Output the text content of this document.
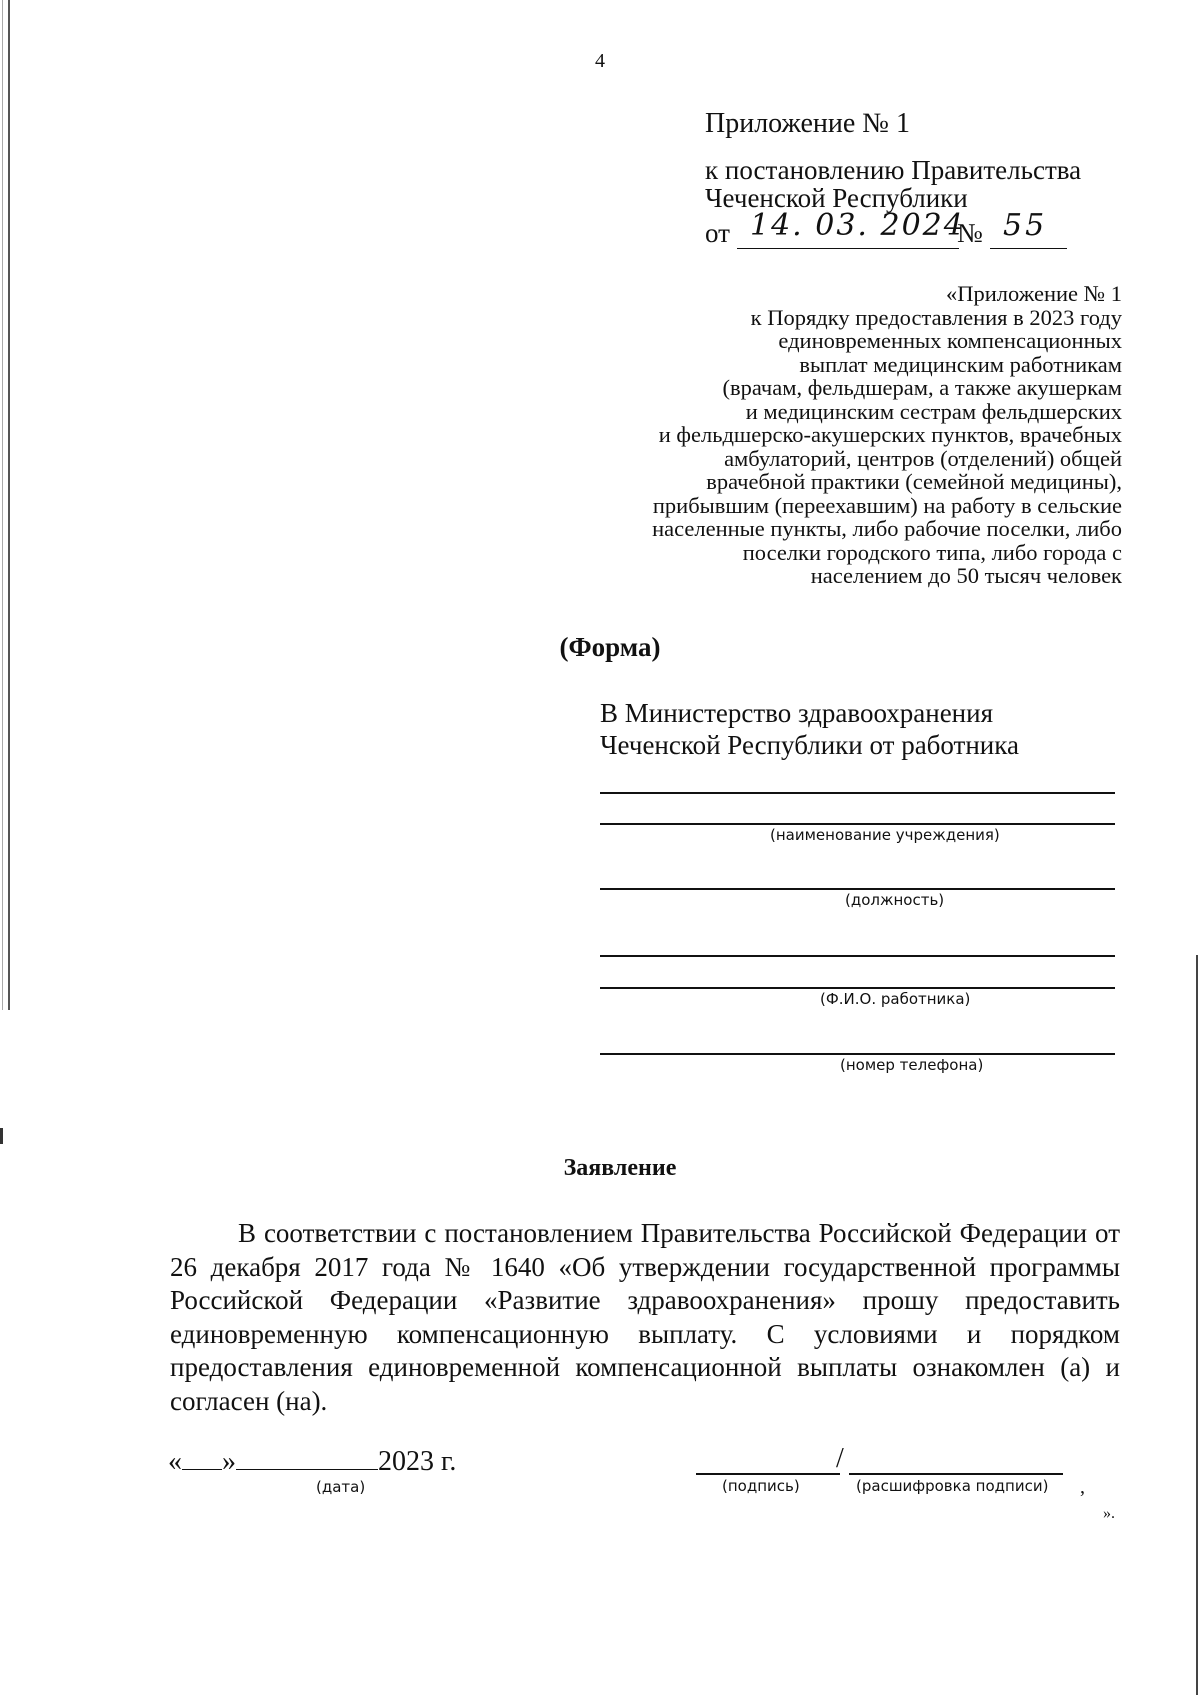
4
Приложение № 1
к постановлению Правительства
Чеченской Республики
от 14. 03. 2024
№ 55
«Приложение № 1
к Порядку предоставления в 2023 году
единовременных компенсационных
выплат медицинским работникам
(врачам, фельдшерам, а также акушеркам
и медицинским сестрам фельдшерских
и фельдшерско-акушерских пунктов, врачебных
амбулаторий, центров (отделений) общей
врачебной практики (семейной медицины),
прибывшим (переехавшим) на работу в сельские
населенные пункты, либо рабочие поселки, либо
поселки городского типа, либо города с
населением до 50 тысяч человек
(Форма)
В Министерство здравоохранения
Чеченской Республики от работника
(наименование учреждения)
(должность)
(Ф.И.О. работника)
(номер телефона)
Заявление

В соответствии с постановлением Правительства Российской Федерации от 26 декабря 2017 года № 1640 «Об утверждении государственной программы Российской Федерации «Развитие здравоохранения» прошу предоставить единовременную компенсационную выплату. С условиями и порядком предоставления единовременной компенсационной выплаты ознакомлен (а) и согласен (на).

« »	2023 г.
(дата)
/
(подпись)	(расшифровка подписи) ,
».
